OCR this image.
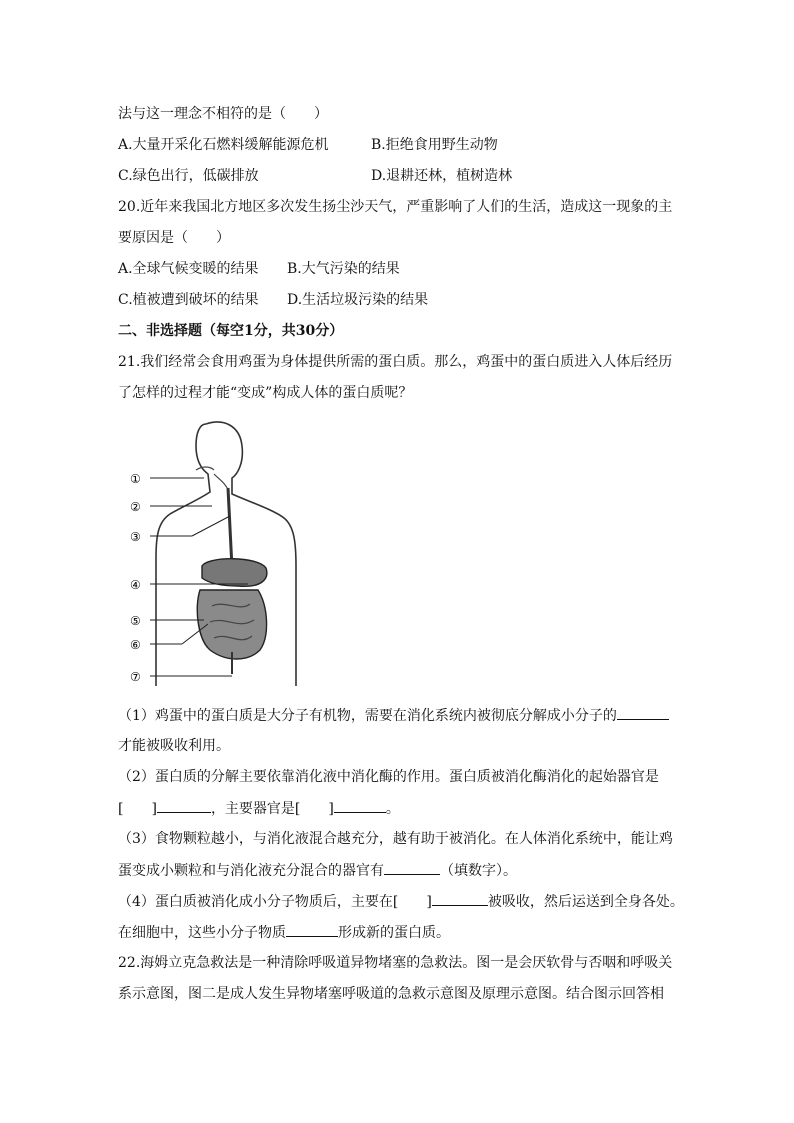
法与这一理念不相符的是（　　）
A.大量开采化石燃料缓解能源危机	B.拒绝食用野生动物
C.绿色出行，低碳排放	D.退耕还林，植树造林
20.近年来我国北方地区多次发生扬尘沙天气，严重影响了人们的生活，造成这一现象的主
要原因是（　　）
A.全球气候变暖的结果 B.大气污染的结果
C.植被遭到破坏的结果 D.生活垃圾污染的结果
二、非选择题（每空1分，共30分）
21.我们经常会食用鸡蛋为身体提供所需的蛋白质。那么，鸡蛋中的蛋白质进入人体后经历
了怎样的过程才能“变成”构成人体的蛋白质呢？
①
②
③
④
⑤
⑥
⑦
（1）鸡蛋中的蛋白质是大分子有机物，需要在消化系统内被彻底分解成小分子的
才能被吸收利用。
（2）蛋白质的分解主要依靠消化液中消化酶的作用。蛋白质被消化酶消化的起始器官是
[　　]	，主要器官是[　　]	。
（3）食物颗粒越小，与消化液混合越充分，越有助于被消化。在人体消化系统中，能让鸡
蛋变成小颗粒和与消化液充分混合的器官有	（填数字）。
（4）蛋白质被消化成小分子物质后，主要在[　　]	被吸收，然后运送到全身各处。
在细胞中，这些小分子物质	形成新的蛋白质。
22.海姆立克急救法是一种清除呼吸道异物堵塞的急救法。图一是会厌软骨与否咽和呼吸关
系示意图，图二是成人发生异物堵塞呼吸道的急救示意图及原理示意图。结合图示回答相
